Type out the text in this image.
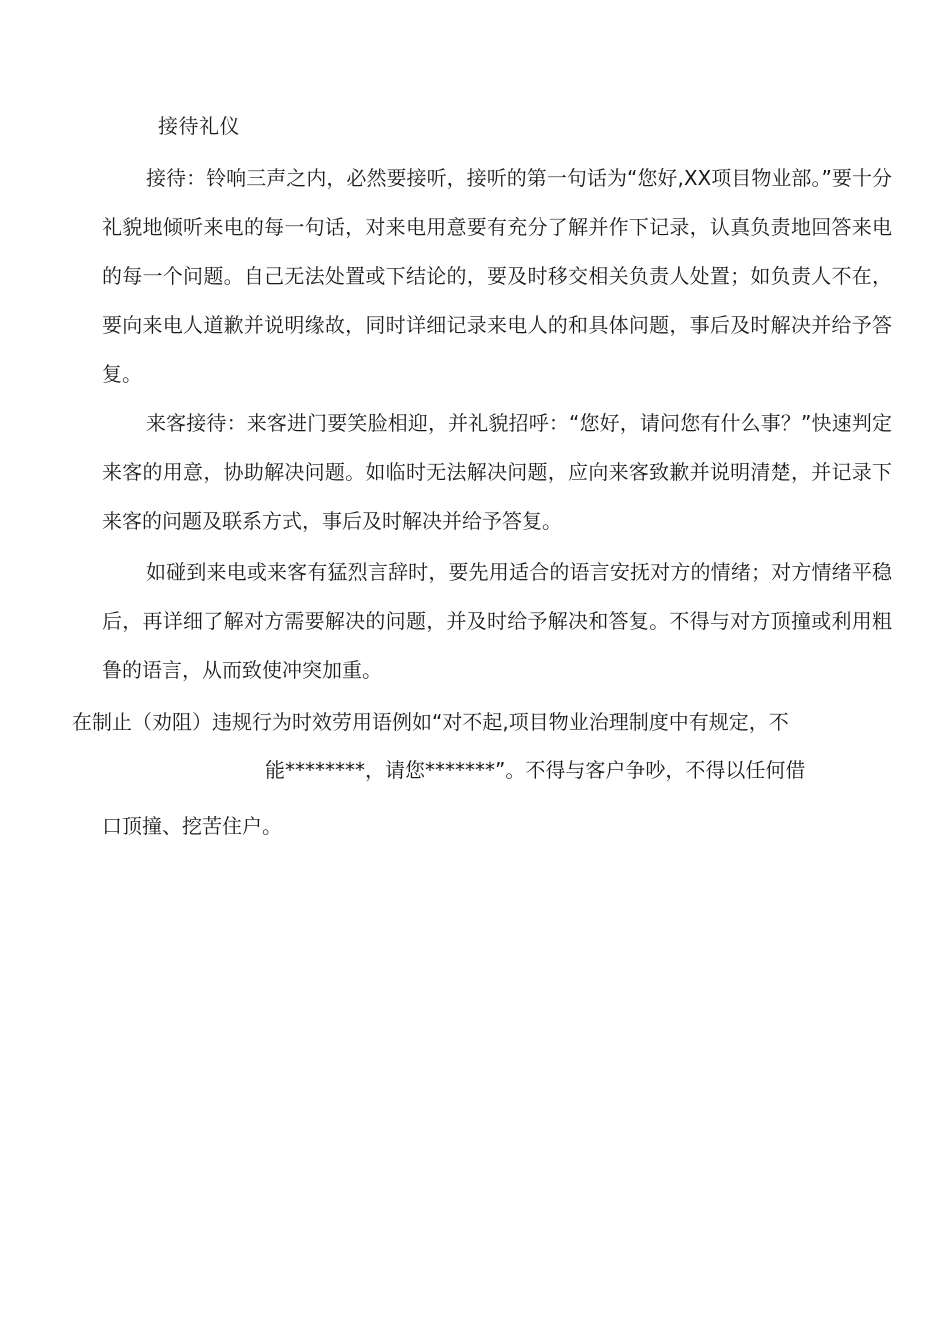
接待礼仪

接待：铃响三声之内，必然要接听，接听的第一句话为“您好,XX项目物业部。”要十分礼貌地倾听来电的每一句话，对来电用意要有充分了解并作下记录，认真负责地回答来电的每一个问题。自己无法处置或下结论的，要及时移交相关负责人处置；如负责人不在，要向来电人道歉并说明缘故，同时详细记录来电人的和具体问题，事后及时解决并给予答复。

来客接待：来客进门要笑脸相迎，并礼貌招呼：“您好，请问您有什么事？”快速判定来客的用意，协助解决问题。如临时无法解决问题，应向来客致歉并说明清楚，并记录下来客的问题及联系方式，事后及时解决并给予答复。

如碰到来电或来客有猛烈言辞时，要先用适合的语言安抚对方的情绪；对方情绪平稳后，再详细了解对方需要解决的问题，并及时给予解决和答复。不得与对方顶撞或利用粗鲁的语言，从而致使冲突加重。

在制止（劝阻）违规行为时效劳用语例如“对不起,项目物业治理制度中有规定，不
能********，请您*******”。不得与客户争吵，不得以任何借
口顶撞、挖苦住户。
